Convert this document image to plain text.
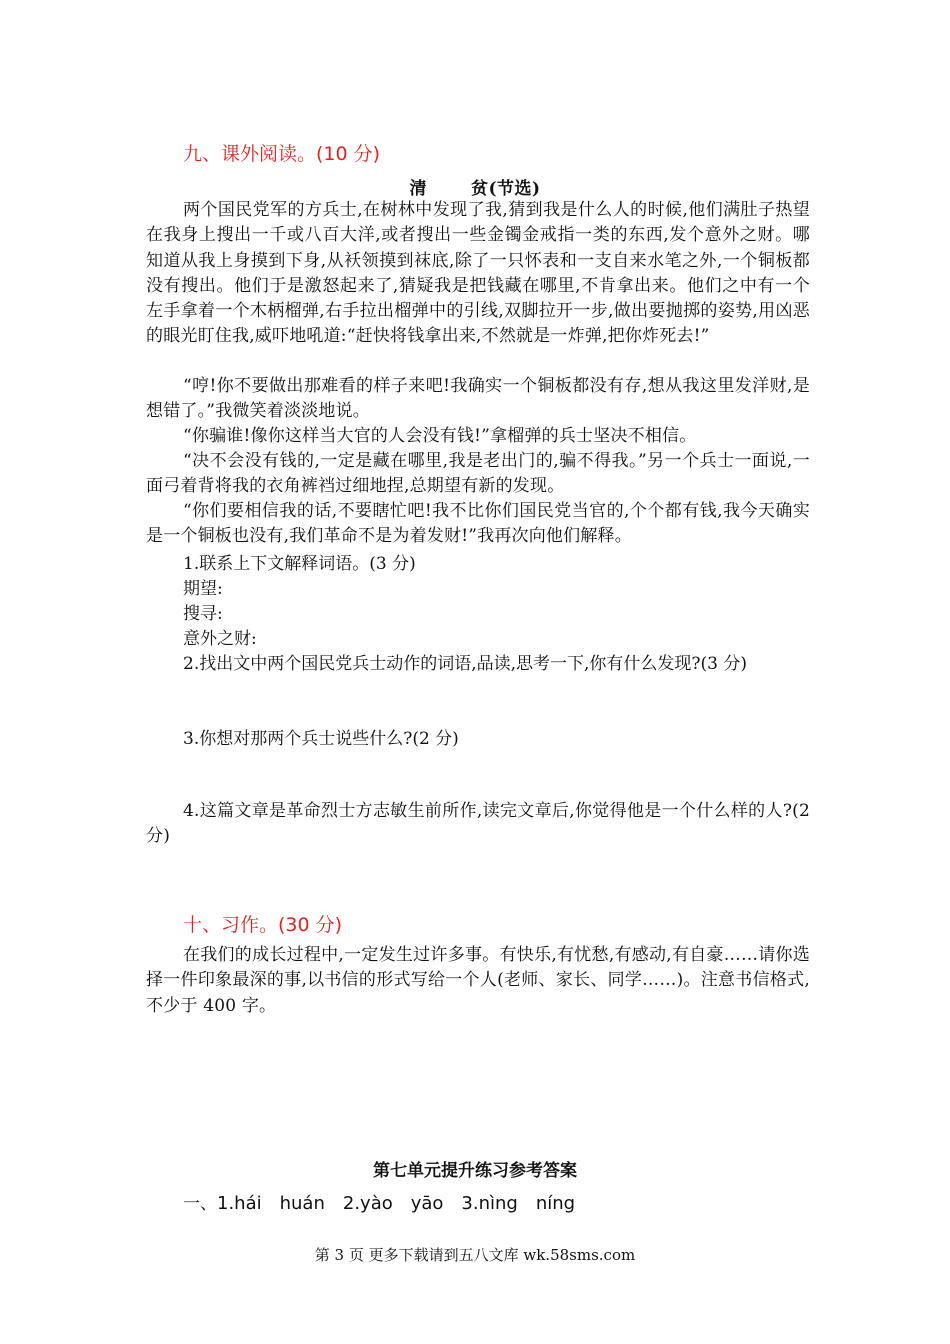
九、课外阅读。(10 分)
清	贫(节选)

两个国民党军的方兵士,在树林中发现了我,猜到我是什么人的时候,他们满肚子热望在我身上搜出一千或八百大洋,或者搜出一些金镯金戒指一类的东西,发个意外之财。哪知道从我上身摸到下身,从袄领摸到袜底,除了一只怀表和一支自来水笔之外,一个铜板都没有搜出。他们于是激怒起来了,猜疑我是把钱藏在哪里,不肯拿出来。他们之中有一个左手拿着一个木柄榴弹,右手拉出榴弹中的引线,双脚拉开一步,做出要抛掷的姿势,用凶恶的眼光盯住我,威吓地吼道:“赶快将钱拿出来,不然就是一炸弹,把你炸死去!”

“哼!你不要做出那难看的样子来吧!我确实一个铜板都没有存,想从我这里发洋财,是想错了。”我微笑着淡淡地说。

“你骗谁!像你这样当大官的人会没有钱!”拿榴弹的兵士坚决不相信。

“决不会没有钱的,一定是藏在哪里,我是老出门的,骗不得我。”另一个兵士一面说,一面弓着背将我的衣角裤裆过细地捏,总期望有新的发现。

“你们要相信我的话,不要瞎忙吧!我不比你们国民党当官的,个个都有钱,我今天确实是一个铜板也没有,我们革命不是为着发财!”我再次向他们解释。

1.联系上下文解释词语。(3 分)
期望:
搜寻:
意外之财:
2.找出文中两个国民党兵士动作的词语,品读,思考一下,你有什么发现?(3 分)
3.你想对那两个兵士说些什么?(2 分)

4.这篇文章是革命烈士方志敏生前所作,读完文章后,你觉得他是一个什么样的人?(2 分)

十、习作。(30 分)

在我们的成长过程中,一定发生过许多事。有快乐,有忧愁,有感动,有自豪……请你选择一件印象最深的事,以书信的形式写给一个人(老师、家长、同学……)。注意书信格式,不少于 400 字。

第七单元提升练习参考答案
一、1.hái　huán　2.yào　yāo　3.nìng　níng
第 3 页 更多下载请到五八文库 wk.58sms.com
